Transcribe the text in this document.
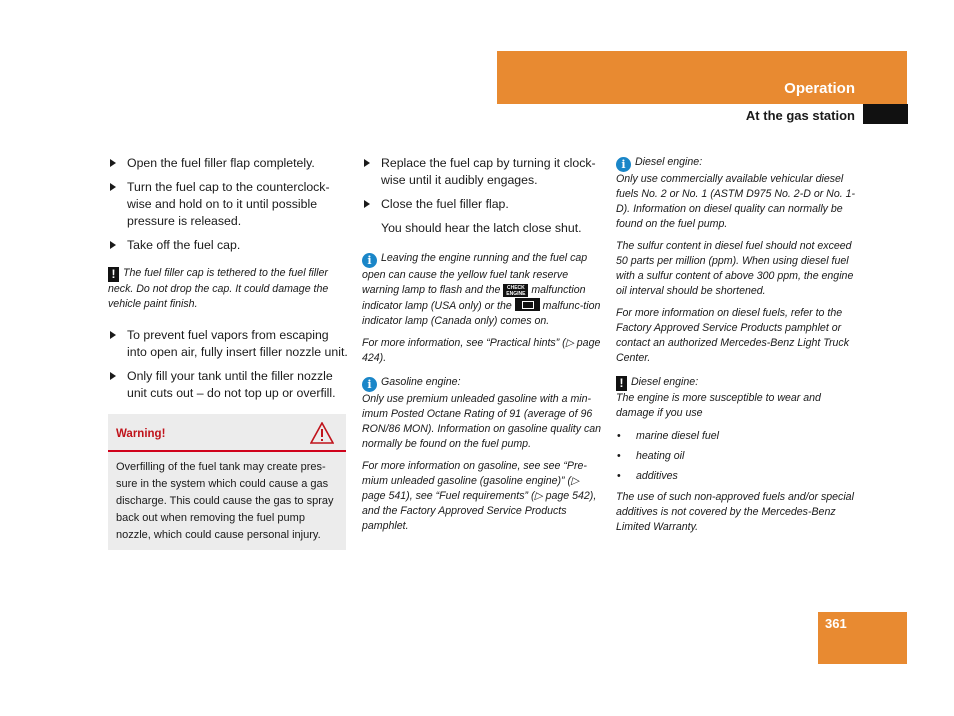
Operation
At the gas station
Open the fuel filler flap completely.
Turn the fuel cap to the counterclock-wise and hold on to it until possible pressure is released.
Take off the fuel cap.
! The fuel filler cap is tethered to the fuel filler neck. Do not drop the cap. It could damage the vehicle paint finish.
To prevent fuel vapors from escaping into open air, fully insert filler nozzle unit.
Only fill your tank until the filler nozzle unit cuts out – do not top up or overfill.
Warning!
Overfilling of the fuel tank may create pres-sure in the system which could cause a gas discharge. This could cause the gas to spray back out when removing the fuel pump nozzle, which could cause personal injury.
Replace the fuel cap by turning it clock-wise until it audibly engages.
Close the fuel filler flap.
You should hear the latch close shut.

i Leaving the engine running and the fuel cap open can cause the yellow fuel tank reserve warning lamp to flash and the CHECK ENGINE malfunction indicator lamp (USA only) or the	malfunc-tion indicator lamp (Canada only) comes on.

For more information, see “Practical hints” (▷ page 424).

i Gasoline engine:
Only use premium unleaded gasoline with a min-imum Posted Octane Rating of 91 (average of 96 RON/86 MON). Information on gasoline quality can normally be found on the fuel pump.

For more information on gasoline, see see “Pre-mium unleaded gasoline (gasoline engine)” (▷ page 541), see “Fuel requirements” (▷ page 542), and the Factory Approved Service Products pamphlet.

i Diesel engine:
Only use commercially available vehicular diesel fuels No. 2 or No. 1 (ASTM D975 No. 2-D or No. 1-D). Information on diesel quality can normally be found on the fuel pump.

The sulfur content in diesel fuel should not exceed 50 parts per million (ppm). When using diesel fuel with a sulfur content of above 300 ppm, the engine oil interval should be shortened.

For more information on diesel fuels, refer to the Factory Approved Service Products pamphlet or contact an authorized Mercedes-Benz Light Truck Center.

! Diesel engine:
The engine is more susceptible to wear and damage if you use

• marine diesel fuel
• heating oil
• additives

The use of such non-approved fuels and/or special additives is not covered by the Mercedes-Benz Limited Warranty.

361
